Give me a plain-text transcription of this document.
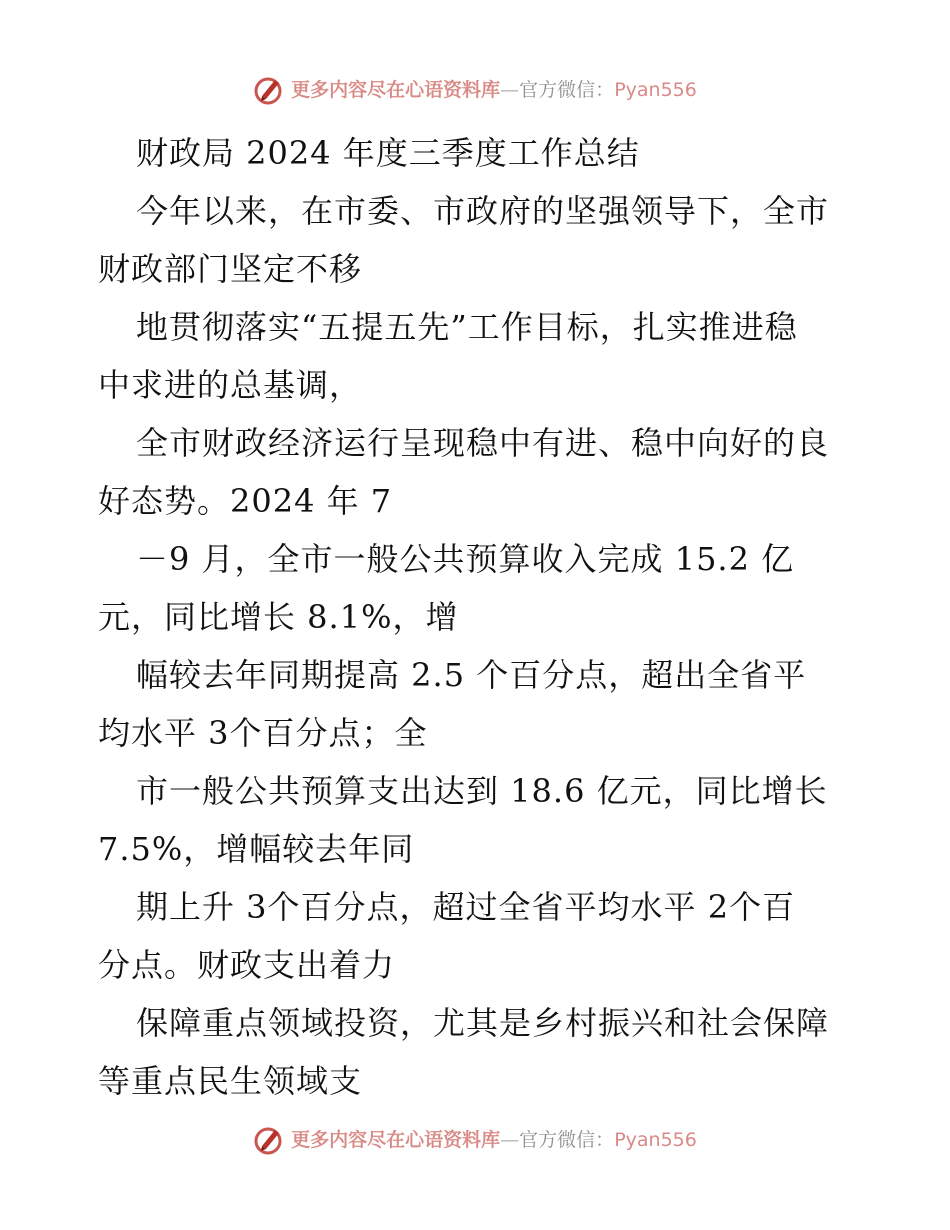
更多内容尽在心语资料库 — 官方微信： Pyan556
财政局 2024 年度三季度工作总结
今年以来，在市委、市政府的坚强领导下，全市
财政部门坚定不移
地贯彻落实“五提五先”工作目标，扎实推进稳
中求进的总基调，
全市财政经济运行呈现稳中有进、稳中向好的良
好态势。2024 年 7
－9 月，全市一般公共预算收入完成 15.2 亿
元，同比增长 8.1%，增
幅较去年同期提高 2.5 个百分点，超出全省平
均水平 3个百分点；全
市一般公共预算支出达到 18.6 亿元，同比增长
7.5%，增幅较去年同
期上升 3个百分点，超过全省平均水平 2个百
分点。财政支出着力
保障重点领域投资，尤其是乡村振兴和社会保障
等重点民生领域支
更多内容尽在心语资料库 — 官方微信： Pyan556
